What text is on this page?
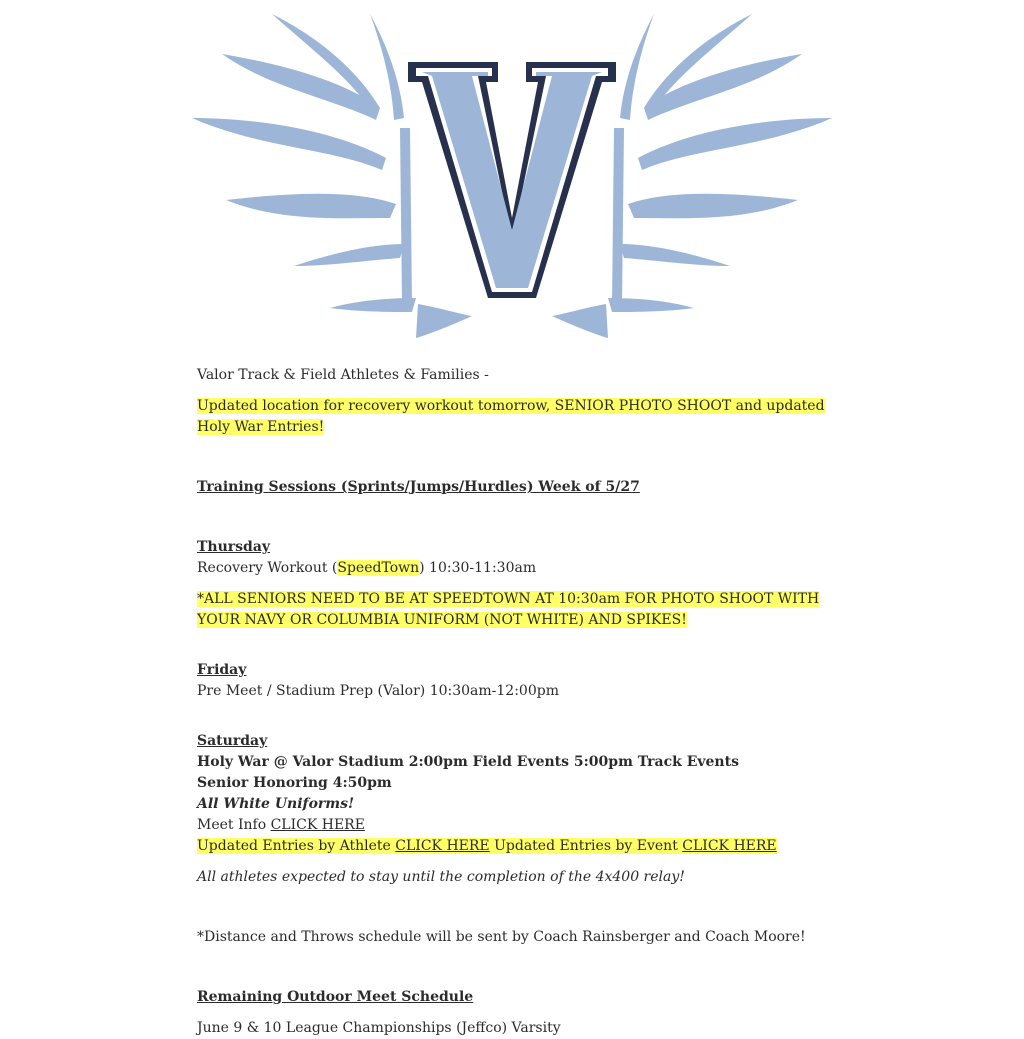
Valor Track & Field Athletes & Families -

Updated location for recovery workout tomorrow, SENIOR PHOTO SHOOT and updated Holy War Entries!

Training Sessions (Sprints/Jumps/Hurdles) Week of 5/27

Thursday

Recovery Workout (SpeedTown) 10:30-11:30am

*ALL SENIORS NEED TO BE AT SPEEDTOWN AT 10:30am FOR PHOTO SHOOT WITH YOUR NAVY OR COLUMBIA UNIFORM (NOT WHITE) AND SPIKES!

Friday

Pre Meet / Stadium Prep (Valor) 10:30am-12:00pm

Saturday

Holy War @ Valor Stadium 2:00pm Field Events 5:00pm Track Events

Senior Honoring 4:50pm

All White Uniforms!

Meet Info CLICK HERE

Updated Entries by Athlete CLICK HERE Updated Entries by Event CLICK HERE

All athletes expected to stay until the completion of the 4x400 relay!

*Distance and Throws schedule will be sent by Coach Rainsberger and Coach Moore!

Remaining Outdoor Meet Schedule

June 9 & 10 League Championships (Jeffco) Varsity
